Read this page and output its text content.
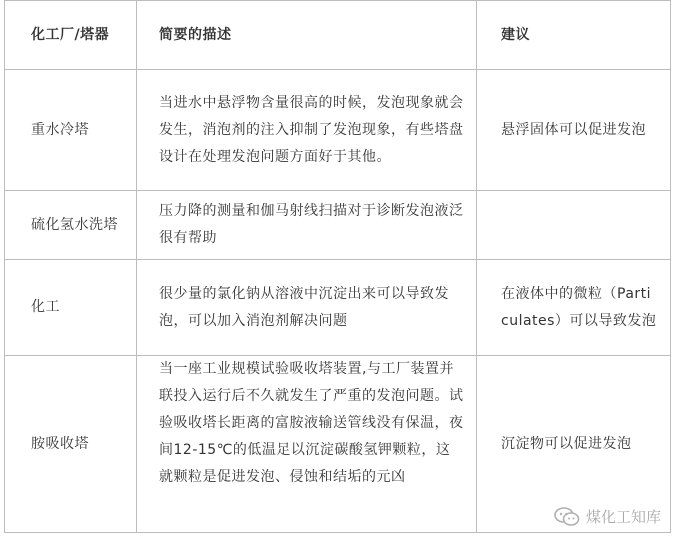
化工厂/塔器	简要的描述	建议
重水冷塔	当进水中悬浮物含量很高的时候，发泡现象就会发生，消泡剂的注入抑制了发泡现象，有些塔盘设计在处理发泡问题方面好于其他。	悬浮固体可以促进发泡
硫化氢水洗塔	压力降的测量和伽马射线扫描对于诊断发泡液泛很有帮助	
化工	很少量的氯化钠从溶液中沉淀出来可以导致发泡，可以加入消泡剂解决问题	在液体中的微粒（Particulates）可以导致发泡
胺吸收塔	当一座工业规模试验吸收塔装置,与工厂装置并联投入运行后不久就发生了严重的发泡问题。试验吸收塔长距离的富胺液输送管线没有保温，夜间12-15℃的低温足以沉淀碳酸氢钾颗粒，这就颗粒是促进发泡、侵蚀和结垢的元凶	沉淀物可以促进发泡
煤化工知库
